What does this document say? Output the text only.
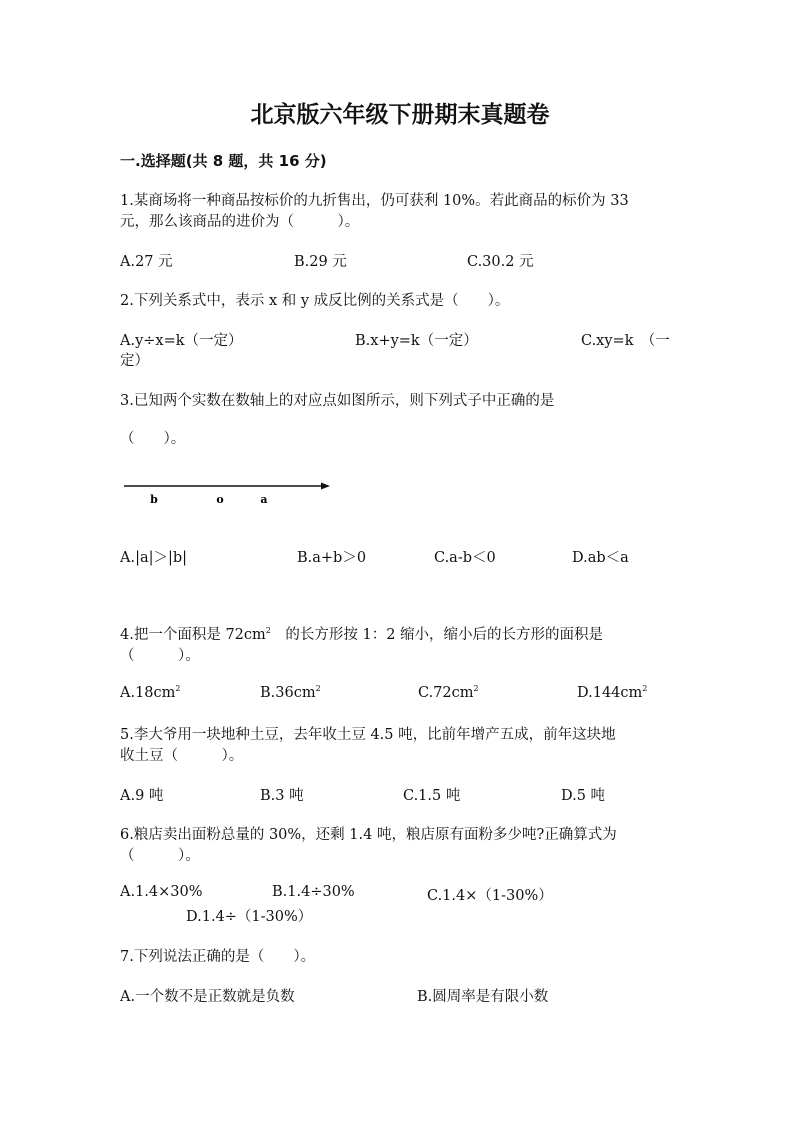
北京版六年级下册期末真题卷
一.选择题(共 8 题，共 16 分)
1.某商场将一种商品按标价的九折售出，仍可获利 10%。若此商品的标价为 33
元，那么该商品的进价为（　　　）。
A.27 元	B.29 元	C.30.2 元
2.下列关系式中，表示 x 和 y 成反比例的关系式是（　　）。
A.y÷x=k（一定）	B.x+y=k（一定）	C.xy=k　（一
定）
3.已知两个实数在数轴上的对应点如图所示，则下列式子中正确的是
（　　）。
b	o	a
A.|a|＞|b|	B.a+b＞0	C.a-b＜0	D.ab＜a
4.把一个面积是 $72cm^2$　的长方形按 1：2 缩小，缩小后的长方形的面积是
（　　　）。
$A.18cm^2$	$B.36cm^2$	$C.72cm^2$	$D.144cm^2$
5.李大爷用一块地种土豆，去年收土豆 4.5 吨，比前年增产五成，前年这块地
收土豆（　　　）。
A.9 吨	B.3 吨	C.1.5 吨	D.5 吨
6.粮店卖出面粉总量的 30%，还剩 1.4 吨，粮店原有面粉多少吨?正确算式为
（　　　）。
A.1.4×30%	B.1.4÷30%	C.1.4×（1-30%）
D.1.4÷（1-30%）
7.下列说法正确的是（　　）。
A.一个数不是正数就是负数	B.圆周率是有限小数
